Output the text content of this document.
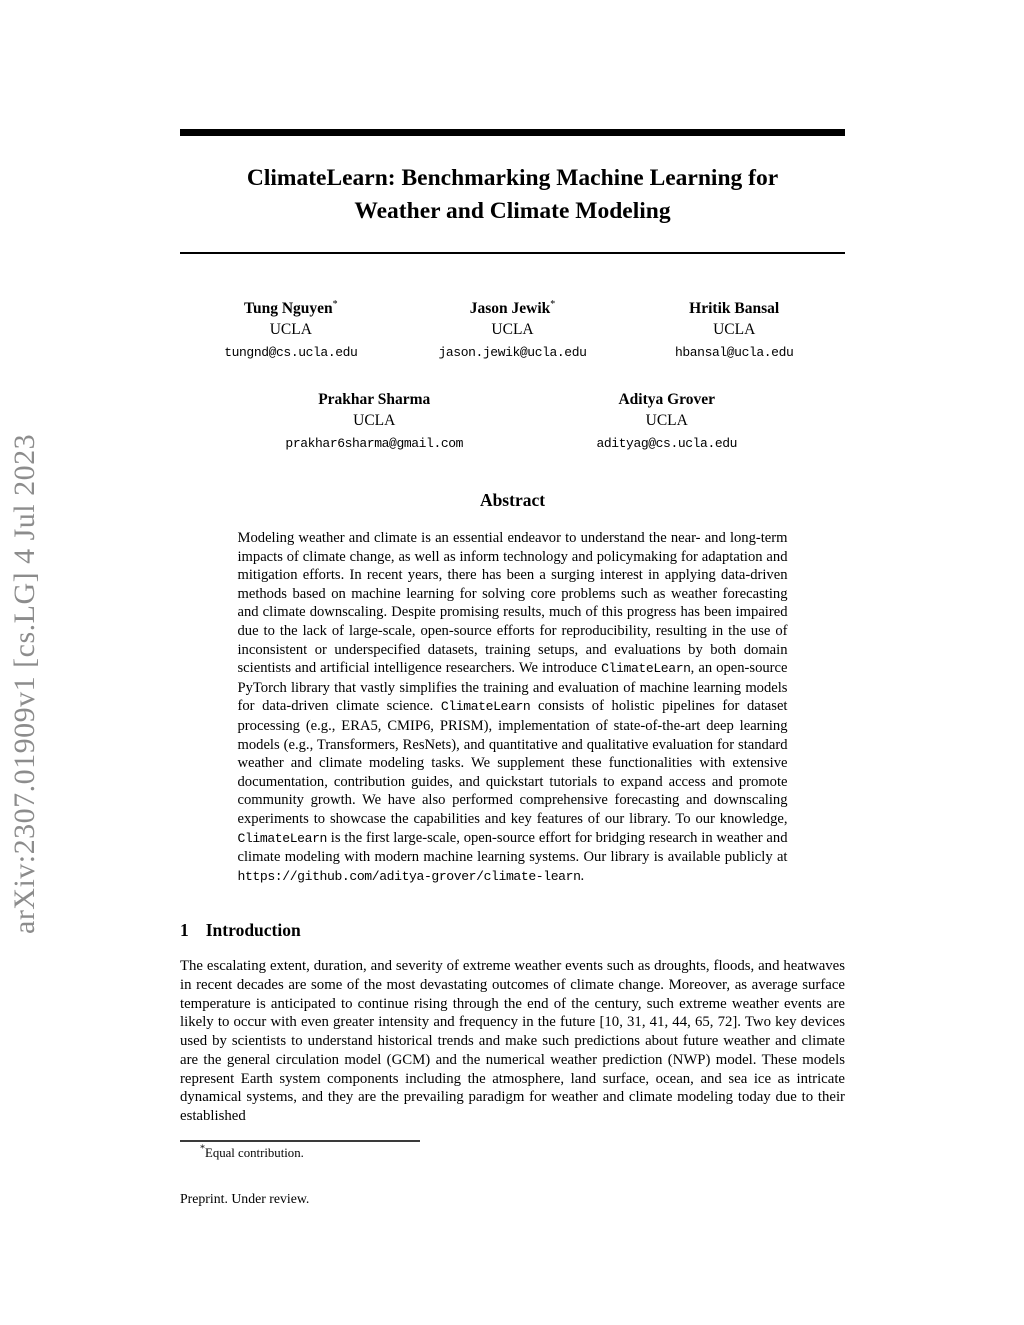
arXiv:2307.01909v1 [cs.LG] 4 Jul 2023
ClimateLearn: Benchmarking Machine Learning for
Weather and Climate Modeling
Tung Nguyen*
UCLA
tungnd@cs.ucla.edu
Jason Jewik*
UCLA
jason.jewik@ucla.edu
Hritik Bansal
UCLA
hbansal@ucla.edu
Prakhar Sharma
UCLA
prakhar6sharma@gmail.com
Aditya Grover
UCLA
adityag@cs.ucla.edu
Abstract

Modeling weather and climate is an essential endeavor to understand the near- and long-term impacts of climate change, as well as inform technology and policymaking for adaptation and mitigation efforts. In recent years, there has been a surging interest in applying data-driven methods based on machine learning for solving core problems such as weather forecasting and climate downscaling. Despite promising results, much of this progress has been impaired due to the lack of large-scale, open-source efforts for reproducibility, resulting in the use of inconsistent or underspecified datasets, training setups, and evaluations by both domain scientists and artificial intelligence researchers. We introduce ClimateLearn, an open-source PyTorch library that vastly simplifies the training and evaluation of machine learning models for data-driven climate science. ClimateLearn consists of holistic pipelines for dataset processing (e.g., ERA5, CMIP6, PRISM), implementation of state-of-the-art deep learning models (e.g., Transformers, ResNets), and quantitative and qualitative evaluation for standard weather and climate modeling tasks. We supplement these functionalities with extensive documentation, contribution guides, and quickstart tutorials to expand access and promote community growth. We have also performed comprehensive forecasting and downscaling experiments to showcase the capabilities and key features of our library. To our knowledge, ClimateLearn is the first large-scale, open-source effort for bridging research in weather and climate modeling with modern machine learning systems. Our library is available publicly at https://github.com/aditya-grover/climate-learn.

1 Introduction

The escalating extent, duration, and severity of extreme weather events such as droughts, floods, and heatwaves in recent decades are some of the most devastating outcomes of climate change. Moreover, as average surface temperature is anticipated to continue rising through the end of the century, such extreme weather events are likely to occur with even greater intensity and frequency in the future [10, 31, 41, 44, 65, 72]. Two key devices used by scientists to understand historical trends and make such predictions about future weather and climate are the general circulation model (GCM) and the numerical weather prediction (NWP) model. These models represent Earth system components including the atmosphere, land surface, ocean, and sea ice as intricate dynamical systems, and they are the prevailing paradigm for weather and climate modeling today due to their established

*Equal contribution.
Preprint. Under review.
